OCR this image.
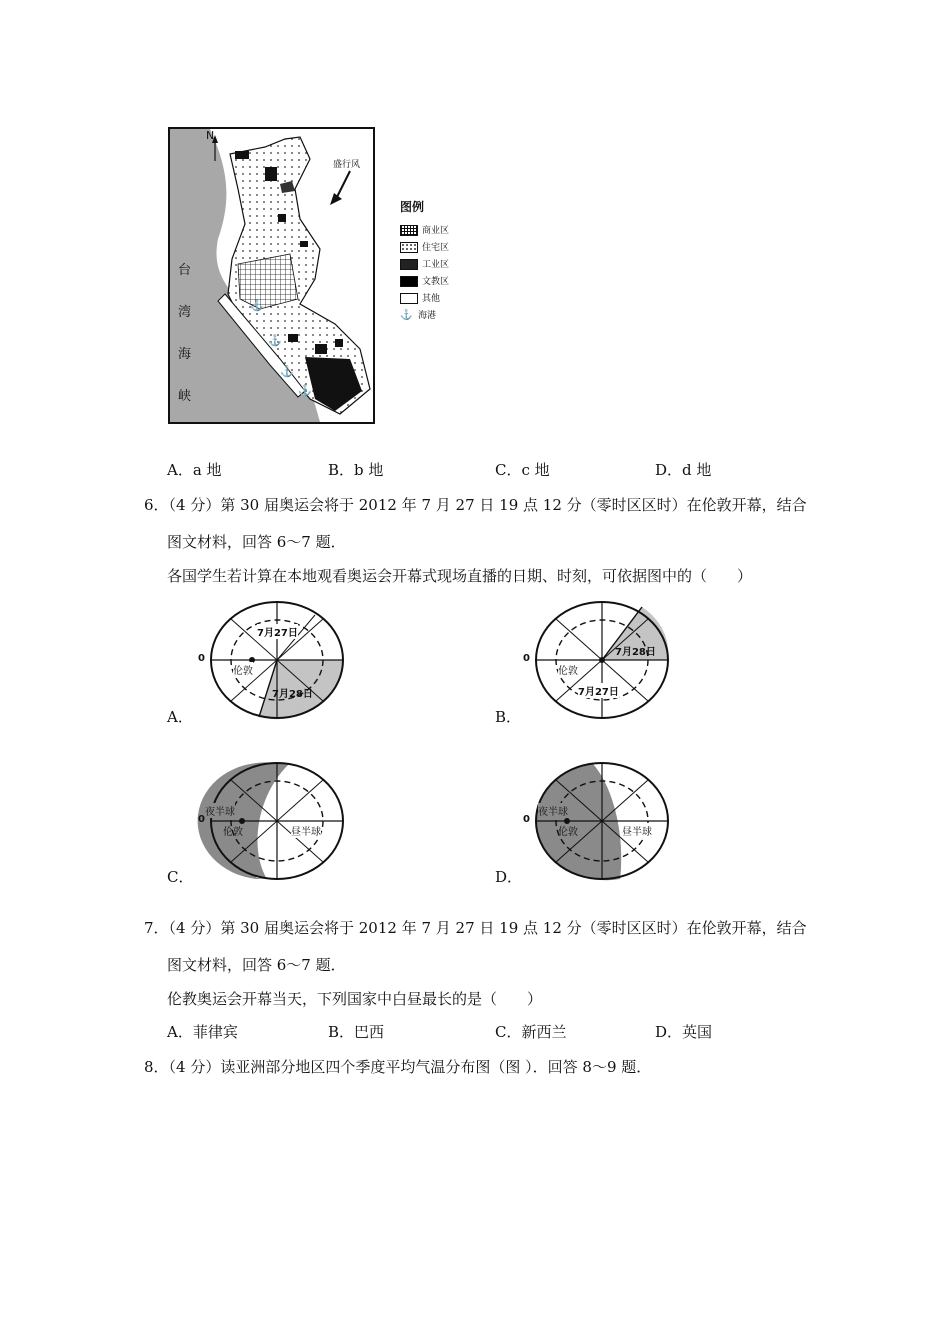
⚓
⚓
⚓
⚓
N
盛行风
台
湾
海
峡
图例
商业区
住宅区
工业区
文教区
其他
⚓ 海港
A．a 地	B．b 地	C．c 地	D．d 地
6．（4 分）第 30 届奥运会将于 2012 年 7 月 27 日 19 点 12 分（零时区区时）在伦敦开幕，结合
图文材料，回答 6～7 题．
各国学生若计算在本地观看奥运会开幕式现场直播的日期、时刻，可依据图中的（　　）
0
7月27日
伦敦
7月28日
A．
0
7月28日
伦敦
7月27日
B．
0
夜半球
伦敦	昼半球
C．
0
夜半球
伦敦	昼半球
D．
7．（4 分）第 30 届奥运会将于 2012 年 7 月 27 日 19 点 12 分（零时区区时）在伦敦开幕，结合
图文材料，回答 6～7 题．
伦教奥运会开幕当天，下列国家中白昼最长的是（　　）
A．菲律宾	B．巴西	C．新西兰	D．英国
8．（4 分）读亚洲部分地区四个季度平均气温分布图（图 ）．回答 8～9 题．
